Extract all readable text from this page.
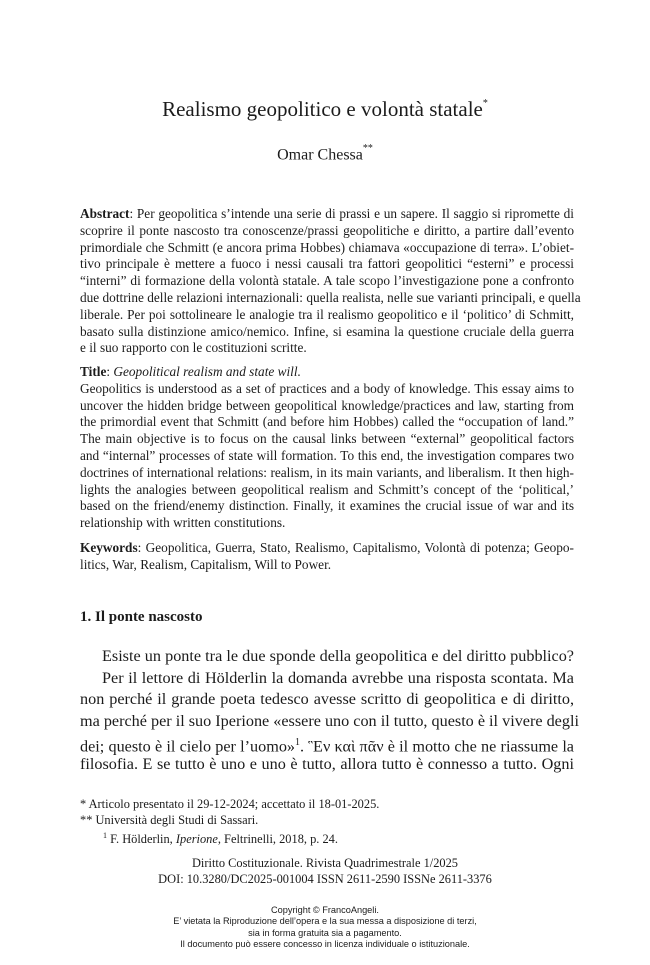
Realismo geopolitico e volontà statale*
Omar Chessa**
Abstract: Per geopolitica s’intende una serie di prassi e un sapere. Il saggio si ripromette di
scoprire il ponte nascosto tra conoscenze/prassi geopolitiche e diritto, a partire dall’evento
primordiale che Schmitt (e ancora prima Hobbes) chiamava «occupazione di terra». L’obiet-
tivo principale è mettere a fuoco i nessi causali tra fattori geopolitici “esterni” e processi
“interni” di formazione della volontà statale. A tale scopo l’investigazione pone a confronto
due dottrine delle relazioni internazionali: quella realista, nelle sue varianti principali, e quella
liberale. Per poi sottolineare le analogie tra il realismo geopolitico e il ‘politico’ di Schmitt,
basato sulla distinzione amico/nemico. Infine, si esamina la questione cruciale della guerra
e il suo rapporto con le costituzioni scritte.
Title: Geopolitical realism and state will.
Geopolitics is understood as a set of practices and a body of knowledge. This essay aims to
uncover the hidden bridge between geopolitical knowledge/practices and law, starting from
the primordial event that Schmitt (and before him Hobbes) called the “occupation of land.”
The main objective is to focus on the causal links between “external” geopolitical factors
and “internal” processes of state will formation. To this end, the investigation compares two
doctrines of international relations: realism, in its main variants, and liberalism. It then high-
lights the analogies between geopolitical realism and Schmitt’s concept of the ‘political,’
based on the friend/enemy distinction. Finally, it examines the crucial issue of war and its
relationship with written constitutions.
Keywords: Geopolitica, Guerra, Stato, Realismo, Capitalismo, Volontà di potenza; Geopo-
litics, War, Realism, Capitalism, Will to Power.
1. Il ponte nascosto
Esiste un ponte tra le due sponde della geopolitica e del diritto pubblico?
Per il lettore di Hölderlin la domanda avrebbe una risposta scontata. Ma
non perché il grande poeta tedesco avesse scritto di geopolitica e di diritto,
ma perché per il suo Iperione «essere uno con il tutto, questo è il vivere degli
dei; questo è il cielo per l’uomo»$^1$. Ἓν καὶ πᾶν è il motto che ne riassume la
filosofia. E se tutto è uno e uno è tutto, allora tutto è connesso a tutto. Ogni
* Articolo presentato il 29-12-2024; accettato il 18-01-2025.
** Università degli Studi di Sassari.
$^1$ F. Hölderlin, Iperione, Feltrinelli, 2018, p. 24.
Diritto Costituzionale. Rivista Quadrimestrale 1/2025
DOI: 10.3280/DC2025-001004 ISSN 2611-2590 ISSNe 2611-3376
Copyright © FrancoAngeli.
E’ vietata la Riproduzione dell’opera e la sua messa a disposizione di terzi,
sia in forma gratuita sia a pagamento.
Il documento può essere concesso in licenza individuale o istituzionale.
